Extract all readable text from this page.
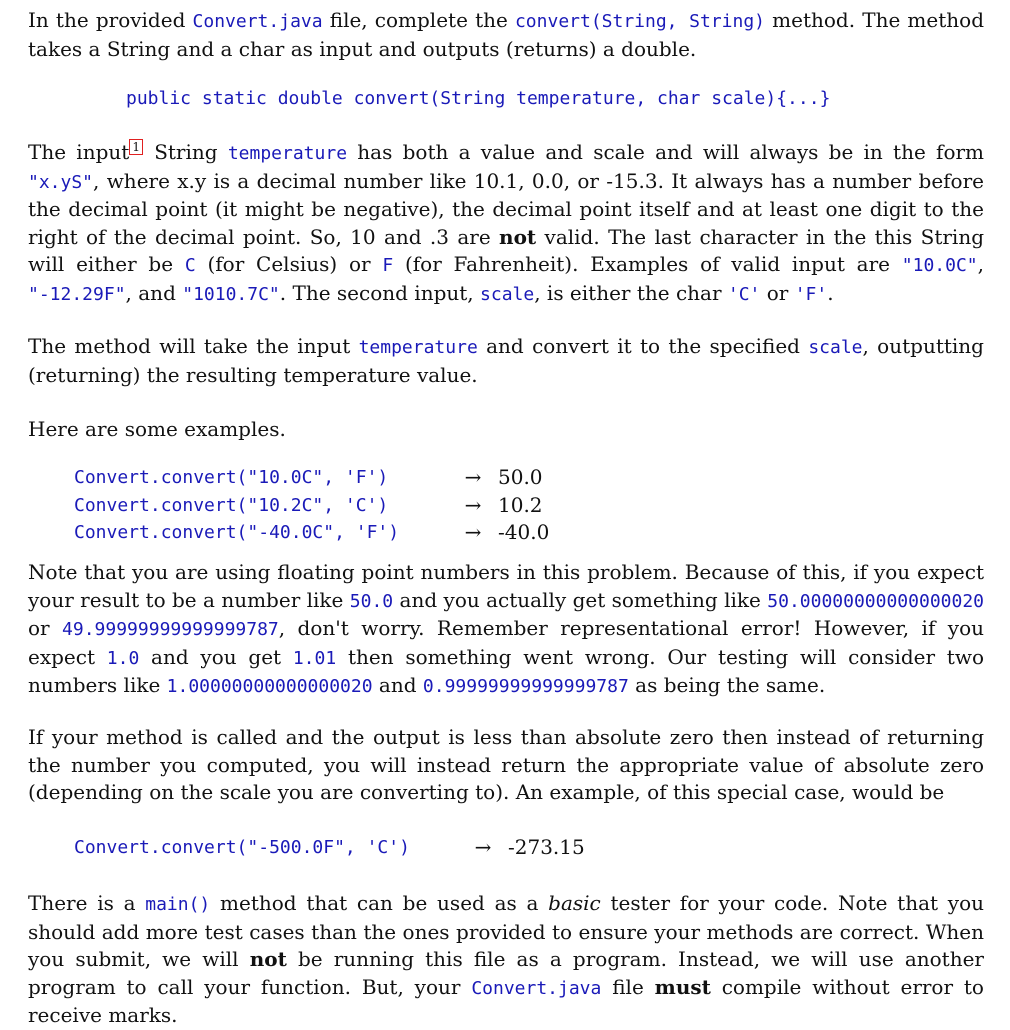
In the provided Convert.java file, complete the convert(String, String) method. The method takes a String and a char as input and outputs (returns) a double.

public static double convert(String temperature, char scale){...}

The input $^1$ String temperature has both a value and scale and will always be in the form "x.yS", where x.y is a decimal number like 10.1, 0.0, or -15.3. It always has a number before the decimal point (it might be negative), the decimal point itself and at least one digit to the right of the decimal point. So, 10 and .3 are not valid. The last character in the this String will either be C (for Celsius) or F (for Fahrenheit). Examples of valid input are "10.0C", "-12.29F", and "1010.7C". The second input, scale, is either the char 'C' or 'F'.

The method will take the input temperature and convert it to the specified scale, outputting (returning) the resulting temperature value.

Here are some examples.

Convert.convert("10.0C", 'F')	→ 50.0
Convert.convert("10.2C", 'C')	→ 10.2
Convert.convert("-40.0C", 'F')	→ -40.0

Note that you are using floating point numbers in this problem. Because of this, if you expect your result to be a number like 50.0 and you actually get something like 50.00000000000000020 or 49.99999999999999787, don't worry. Remember representational error! However, if you expect 1.0 and you get 1.01 then something went wrong. Our testing will consider two numbers like 1.00000000000000020 and 0.99999999999999787 as being the same.

If your method is called and the output is less than absolute zero then instead of returning the number you computed, you will instead return the appropriate value of absolute zero (depending on the scale you are converting to). An example, of this special case, would be

Convert.convert("-500.0F", 'C')	→ -273.15

There is a main() method that can be used as a basic tester for your code. Note that you should add more test cases than the ones provided to ensure your methods are correct. When you submit, we will not be running this file as a program. Instead, we will use another program to call your function. But, your Convert.java file must compile without error to receive marks.
